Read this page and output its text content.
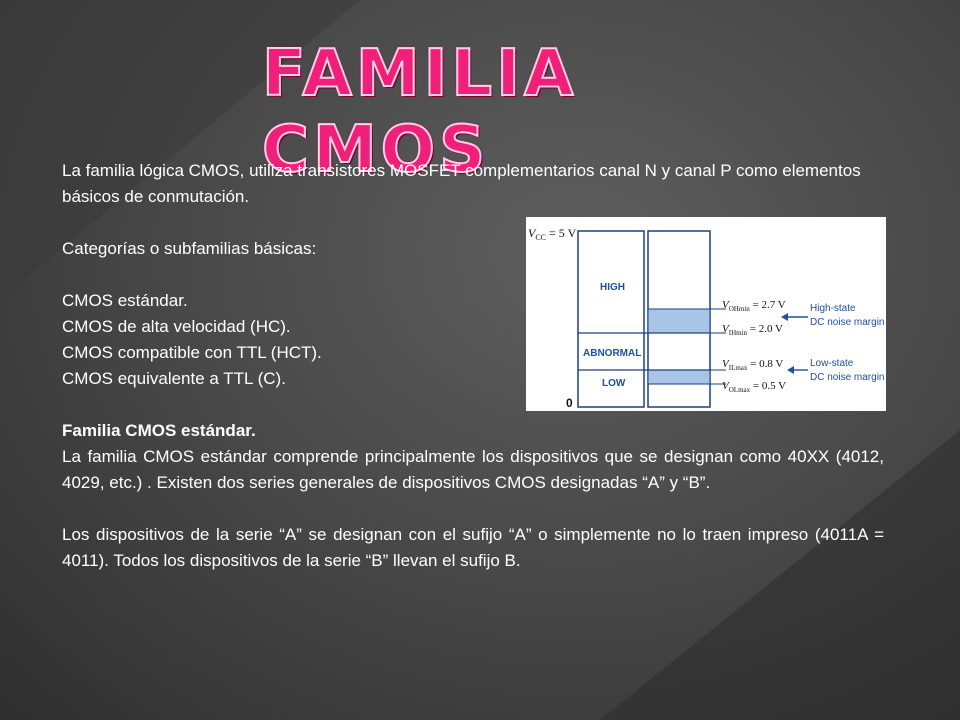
FAMILIA CMOS

La familia lógica CMOS, utiliza transistores MOSFET complementarios canal N y canal P como elementos básicos de conmutación.

Categorías o subfamilias básicas:

CMOS estándar.

CMOS de alta velocidad (HC).

CMOS compatible con TTL (HCT).

CMOS equivalente a TTL (C).

Familia CMOS estándar.

La familia CMOS estándar comprende principalmente los dispositivos que se designan como 40XX (4012, 4029, etc.) . Existen dos series generales de dispositivos CMOS designadas “A” y “B”.

Los dispositivos de la serie “A” se designan con el sufijo “A” o simplemente no lo traen impreso (4011A = 4011). Todos los dispositivos de la serie “B” llevan el sufijo B.

$V_{CC} = 5$ V
0
HIGH
ABNORMAL
LOW
$V_{OHmin} = 2.7$ V
$V_{IHmin} = 2.0$ V
$V_{ILmax} = 0.8$ V
$V_{OLmax} = 0.5$ V
High-state
DC noise margin
Low-state
DC noise margin
